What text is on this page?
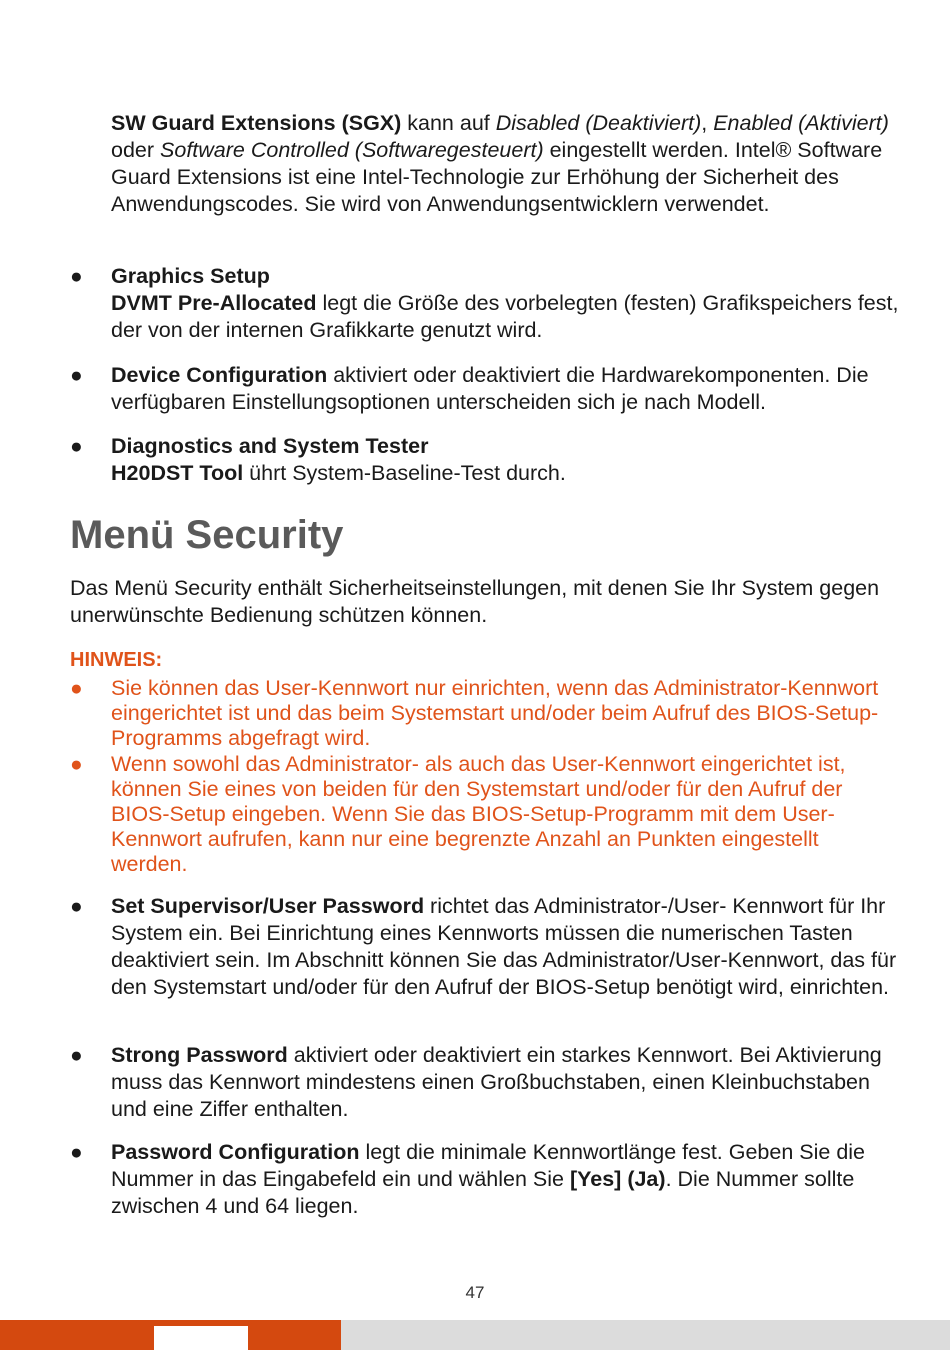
SW Guard Extensions (SGX) kann auf Disabled (Deaktiviert), Enabled (Aktiviert) oder Software Controlled (Softwaregesteuert) eingestellt werden. Intel® Software Guard Extensions ist eine Intel-Technologie zur Erhöhung der Sicherheit des Anwendungscodes. Sie wird von Anwendungsentwicklern verwendet.

● Graphics Setup
DVMT Pre-Allocated legt die Größe des vorbelegten (festen) Grafikspeichers fest, der von der internen Grafikkarte genutzt wird.

● Device Configuration aktiviert oder deaktiviert die Hardwarekomponenten. Die verfügbaren Einstellungsoptionen unterscheiden sich je nach Modell.

● Diagnostics and System Tester
H20DST Tool ührt System-Baseline-Test durch.

Menü Security

Das Menü Security enthält Sicherheitseinstellungen, mit denen Sie Ihr System gegen unerwünschte Bedienung schützen können.

HINWEIS:
● Sie können das User-Kennwort nur einrichten, wenn das Administrator-Kennwort eingerichtet ist und das beim Systemstart und/oder beim Aufruf des BIOS-Setup-Programms abgefragt wird.

● Wenn sowohl das Administrator- als auch das User-Kennwort eingerichtet ist, können Sie eines von beiden für den Systemstart und/oder für den Aufruf der BIOS-Setup eingeben. Wenn Sie das BIOS-Setup-Programm mit dem User-Kennwort aufrufen, kann nur eine begrenzte Anzahl an Punkten eingestellt werden.

● Set Supervisor/User Password richtet das Administrator-/User- Kennwort für Ihr System ein. Bei Einrichtung eines Kennworts müssen die numerischen Tasten deaktiviert sein. Im Abschnitt können Sie das Administrator/User-Kennwort, das für den Systemstart und/oder für den Aufruf der BIOS-Setup benötigt wird, einrichten.

● Strong Password aktiviert oder deaktiviert ein starkes Kennwort. Bei Aktivierung muss das Kennwort mindestens einen Großbuchstaben, einen Kleinbuchstaben und eine Ziffer enthalten.

● Password Configuration legt die minimale Kennwortlänge fest. Geben Sie die Nummer in das Eingabefeld ein und wählen Sie [Yes] (Ja). Die Nummer sollte zwischen 4 und 64 liegen.

47
